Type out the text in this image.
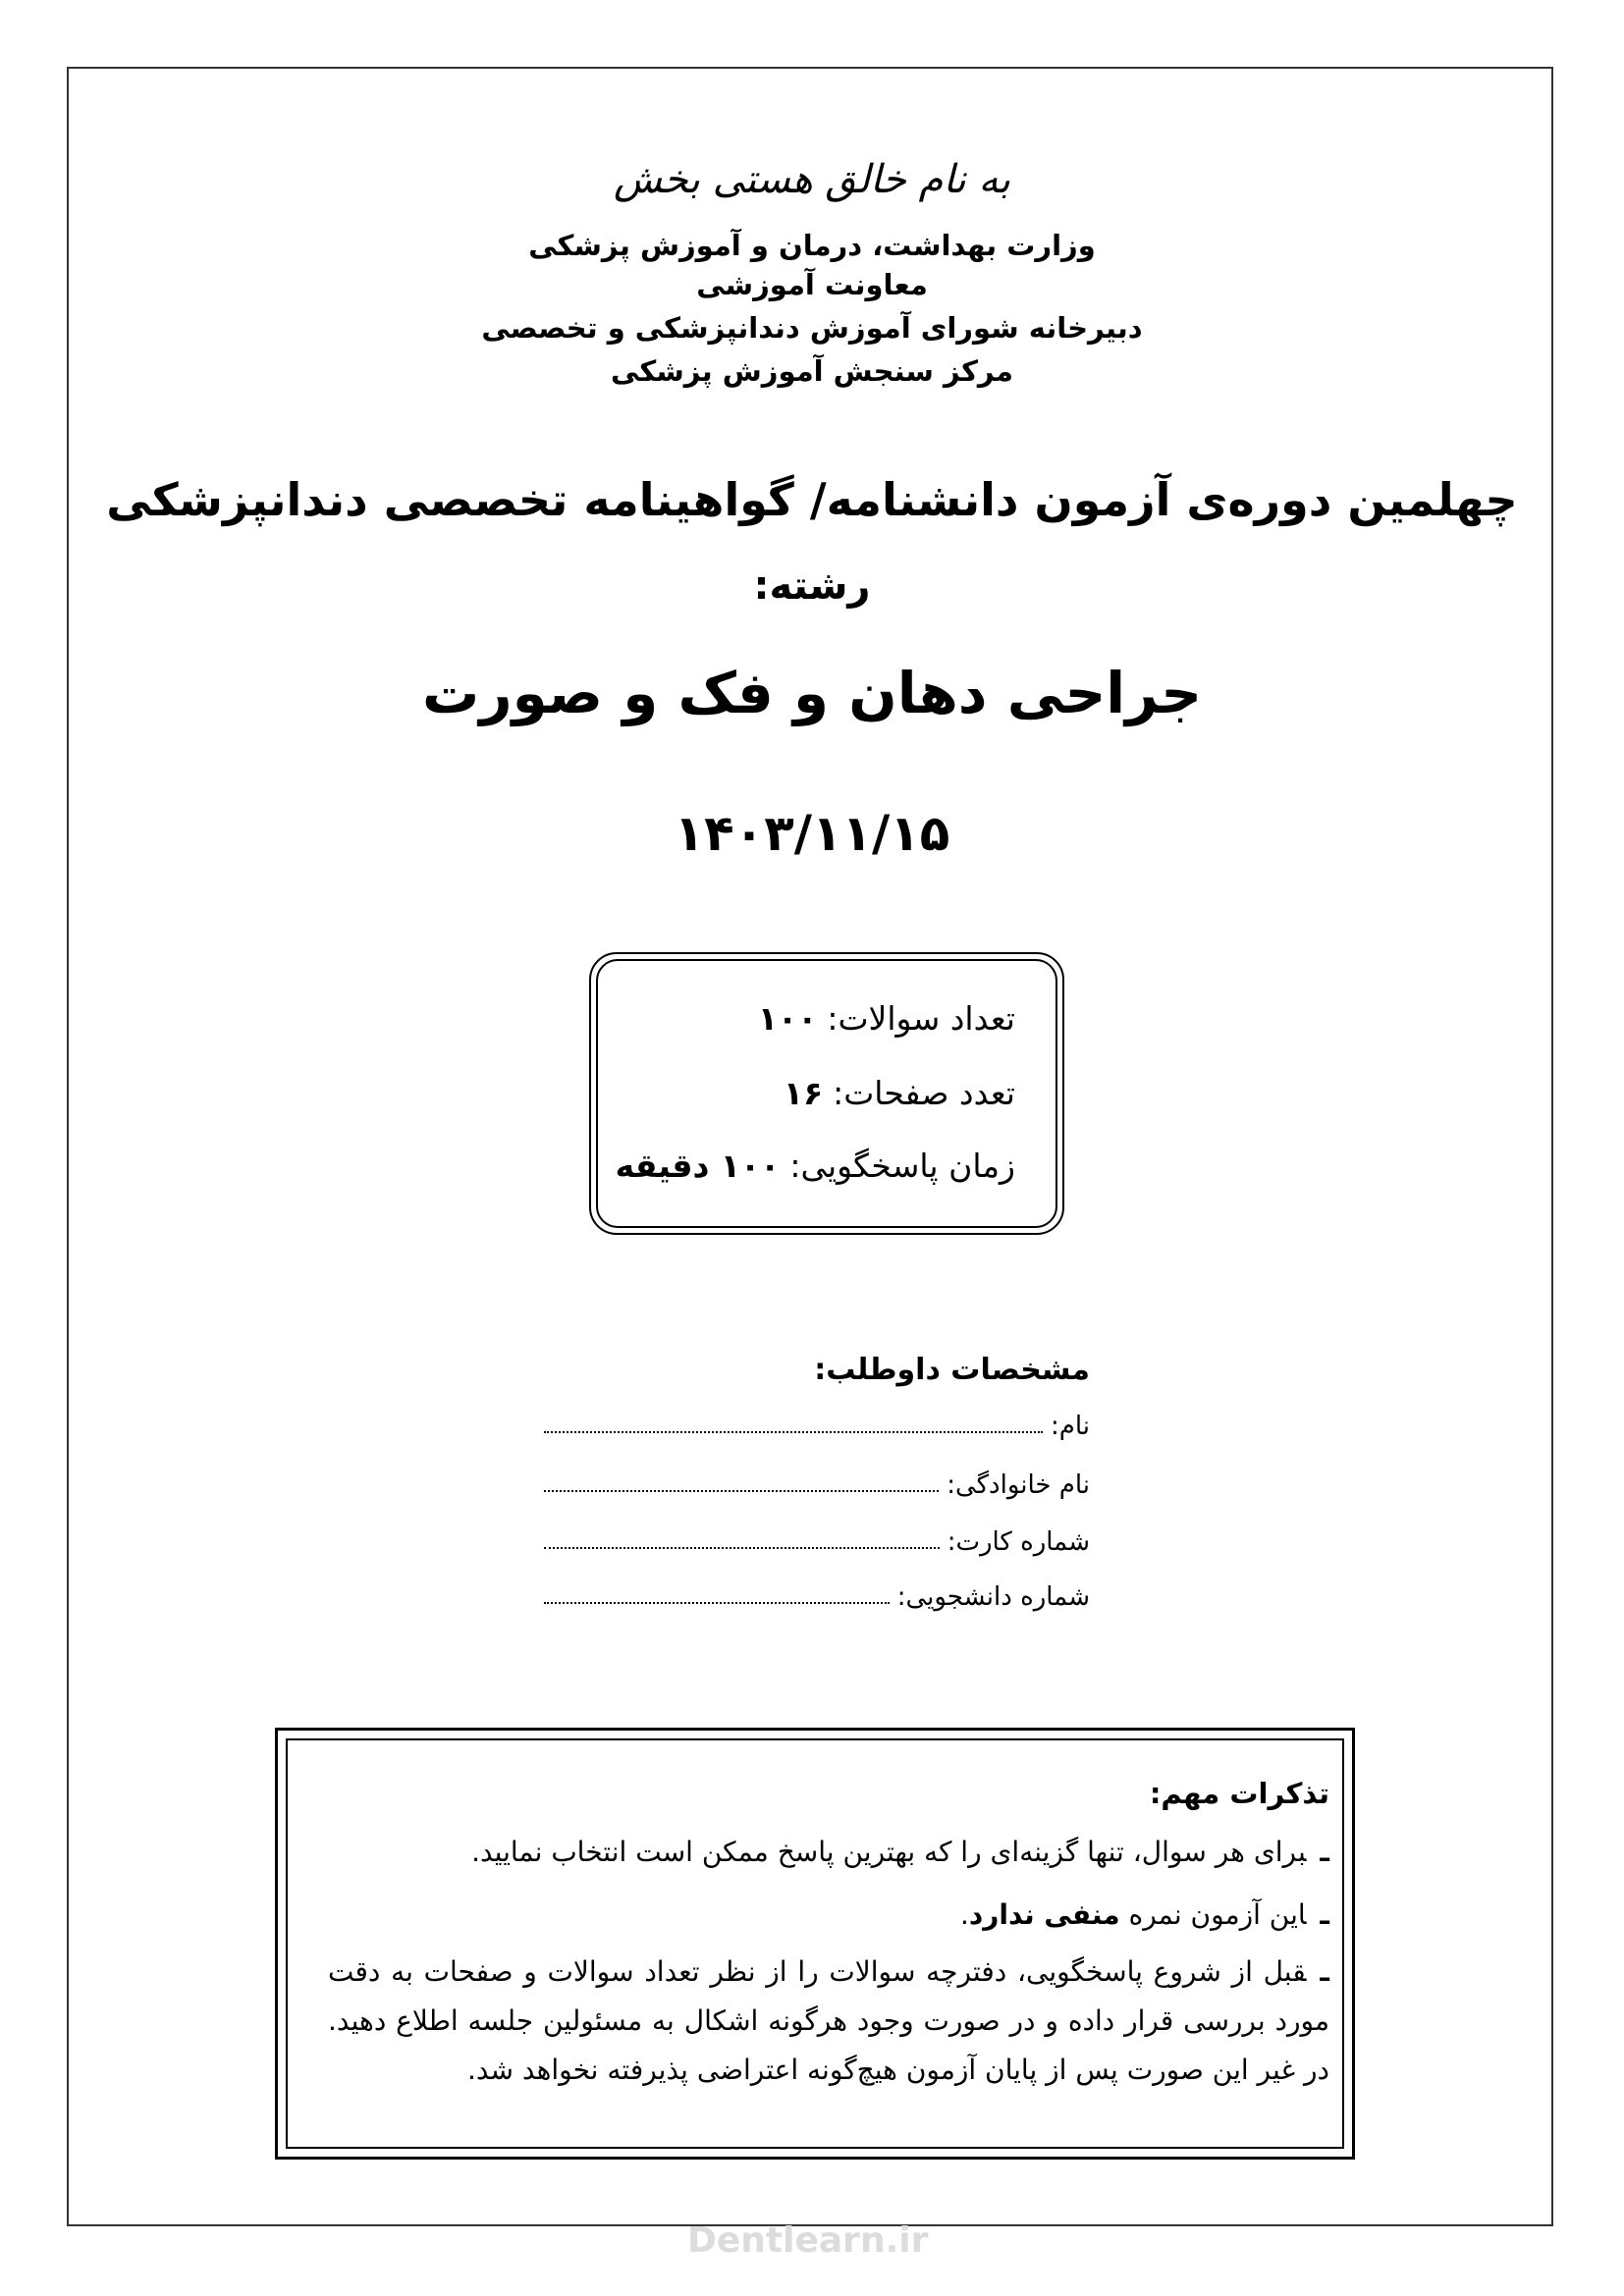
به نام خالق هستی بخش
وزارت بهداشت، درمان و آموزش پزشکی
معاونت آموزشی
دبیرخانه شورای آموزش دندانپزشکی و تخصصی
مرکز سنجش آموزش پزشکی
چهلمین دوره‌ی آزمون دانشنامه/ گواهینامه تخصصی دندانپزشکی
رشته:
جراحی دهان و فک و صورت
۱۴۰۳/۱۱/۱۵
تعداد سوالات:۱۰۰
تعدد صفحات:۱۶
زمان پاسخگویی:۱۰۰ دقیقه
مشخصات داوطلب:
نام:
نام خانوادگی:
شماره کارت:
شماره دانشجویی:
تذکرات مهم:
ـبرای هر سوال، تنها گزینه‌ای را که بهترین پاسخ ممکن است انتخاب نمایید.
ـاین آزمون نمره منفی ندارد.
ـقبل از شروع پاسخگویی، دفترچه سوالات را از نظر تعداد سوالات و صفحات به دقت مورد بررسی قرار داده و در صورت وجود هرگونه اشکال به مسئولین جلسه اطلاع دهید. در غیر این صورت پس از پایان آزمون هیچ‌گونه اعتراضی پذیرفته نخواهد شد.
Dentlearn.ir
